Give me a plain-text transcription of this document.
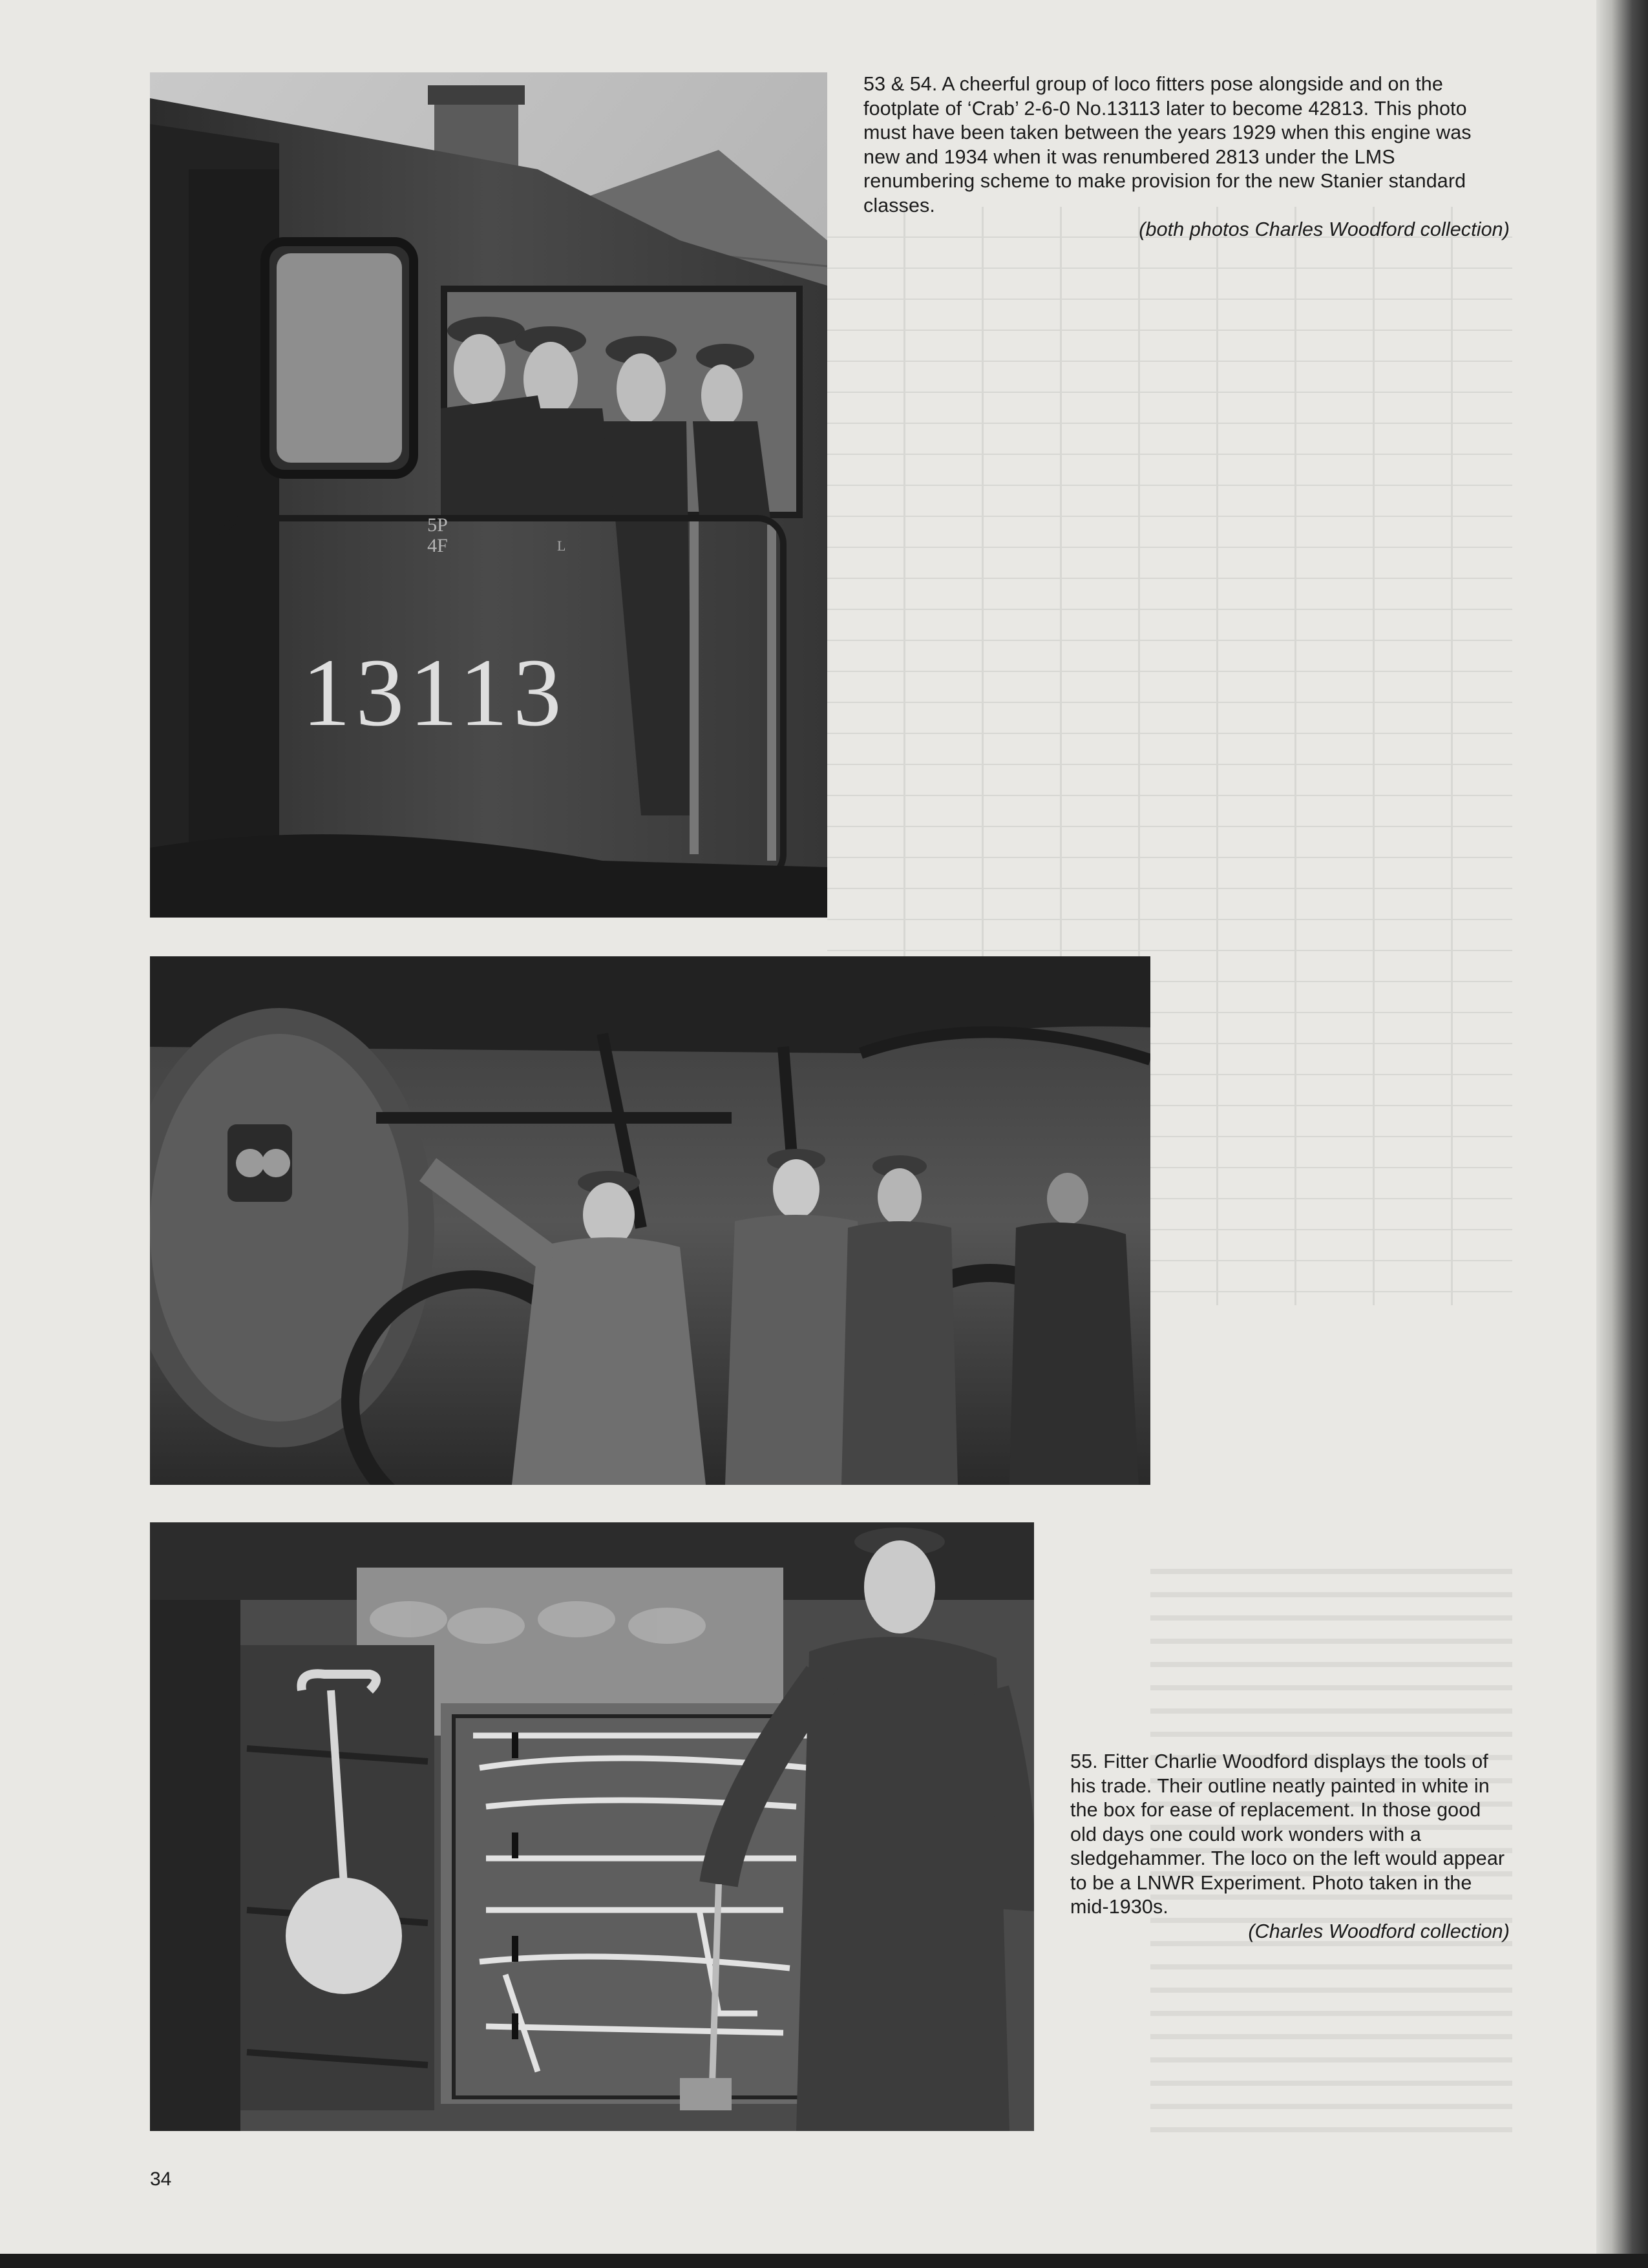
13113
5P
4F	L

53 & 54. A cheerful group of loco fitters pose alongside and on the footplate of ‘Crab’ 2-6-0 No.13113 later to become 42813. This photo must have been taken between the years 1929 when this engine was new and 1934 when it was renumbered 2813 under the LMS renumbering scheme to make provision for the new Stanier standard classes.

(both photos Charles Woodford collection)

55. Fitter Charlie Woodford displays the tools of his trade. Their outline neatly painted in white in the box for ease of replacement. In those good old days one could work wonders with a sledgehammer. The loco on the left would appear to be a LNWR Experiment. Photo taken in the mid-1930s.

(Charles Woodford collection)
34
